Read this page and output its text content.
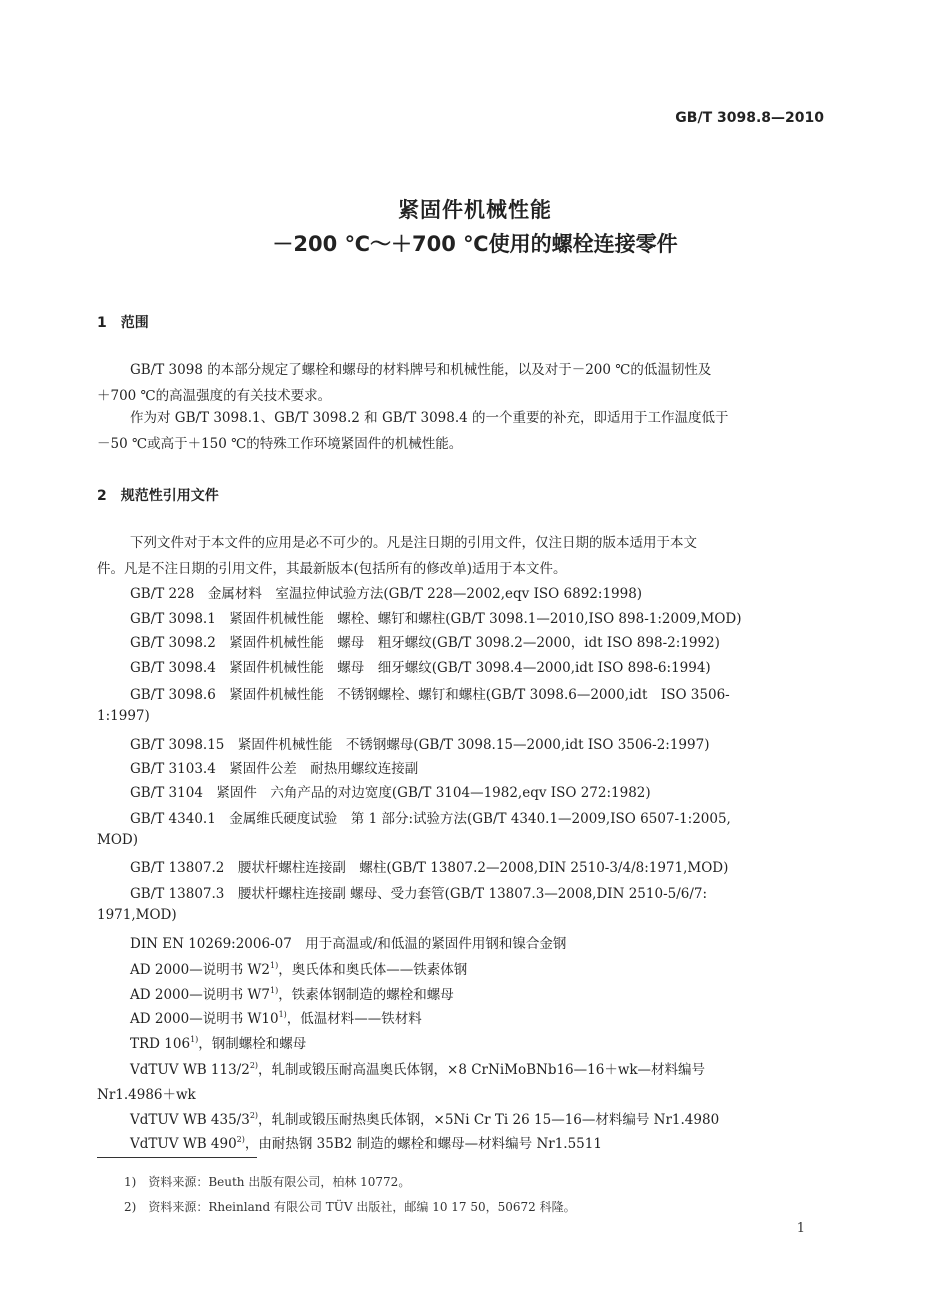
GB/T 3098.8—2010
紧固件机械性能
－200 ℃～＋700 ℃使用的螺栓连接零件
1　范围
GB/T 3098 的本部分规定了螺栓和螺母的材料牌号和机械性能，以及对于－200 ℃的低温韧性及
＋700 ℃的高温强度的有关技术要求。
作为对 GB/T 3098.1、GB/T 3098.2 和 GB/T 3098.4 的一个重要的补充，即适用于工作温度低于
－50 ℃或高于＋150 ℃的特殊工作环境紧固件的机械性能。
2　规范性引用文件
下列文件对于本文件的应用是必不可少的。凡是注日期的引用文件，仅注日期的版本适用于本文
件。凡是不注日期的引用文件，其最新版本(包括所有的修改单)适用于本文件。
GB/T 228　金属材料　室温拉伸试验方法(GB/T 228—2002,eqv ISO 6892:1998)
GB/T 3098.1　紧固件机械性能　螺栓、螺钉和螺柱(GB/T 3098.1—2010,ISO 898-1:2009,MOD)
GB/T 3098.2　紧固件机械性能　螺母　粗牙螺纹(GB/T 3098.2—2000，idt ISO 898-2:1992)
GB/T 3098.4　紧固件机械性能　螺母　细牙螺纹(GB/T 3098.4—2000,idt ISO 898-6:1994)
GB/T 3098.6　紧固件机械性能　不锈钢螺栓、螺钉和螺柱(GB/T 3098.6—2000,idt　ISO 3506-
1:1997)
GB/T 3098.15　紧固件机械性能　不锈钢螺母(GB/T 3098.15—2000,idt ISO 3506-2:1997)
GB/T 3103.4　紧固件公差　耐热用螺纹连接副
GB/T 3104　紧固件　六角产品的对边宽度(GB/T 3104—1982,eqv ISO 272:1982)
GB/T 4340.1　金属维氏硬度试验　第 1 部分:试验方法(GB/T 4340.1—2009,ISO 6507-1:2005,
MOD)
GB/T 13807.2　腰状杆螺柱连接副　螺柱(GB/T 13807.2—2008,DIN 2510-3/4/8:1971,MOD)
GB/T 13807.3　腰状杆螺柱连接副 螺母、受力套管(GB/T 13807.3—2008,DIN 2510-5/6/7:
1971,MOD)
DIN EN 10269:2006-07　用于高温或/和低温的紧固件用钢和镍合金钢
AD 2000—说明书 W2$^{1)}$，奥氏体和奥氏体——铁素体钢
AD 2000—说明书 W7$^{1)}$，铁素体钢制造的螺栓和螺母
AD 2000—说明书 W10$^{1)}$，低温材料——铁材料
TRD 106$^{1)}$，钢制螺栓和螺母
VdTUV WB 113/2$^{2)}$，轧制或锻压耐高温奥氏体钢，×8 CrNiMoBNb16—16＋wk—材料编号
Nr1.4986＋wk
VdTUV WB 435/3$^{2)}$，轧制或锻压耐热奥氏体钢，×5Ni Cr Ti 26 15—16—材料编号 Nr1.4980
VdTUV WB 490$^{2)}$，由耐热钢 35B2 制造的螺栓和螺母—材料编号 Nr1.5511
1)　资料来源：Beuth 出版有限公司，柏林 10772。
2)　资料来源：Rheinland 有限公司 TÜV 出版社，邮编 10 17 50，50672 科隆。
1
